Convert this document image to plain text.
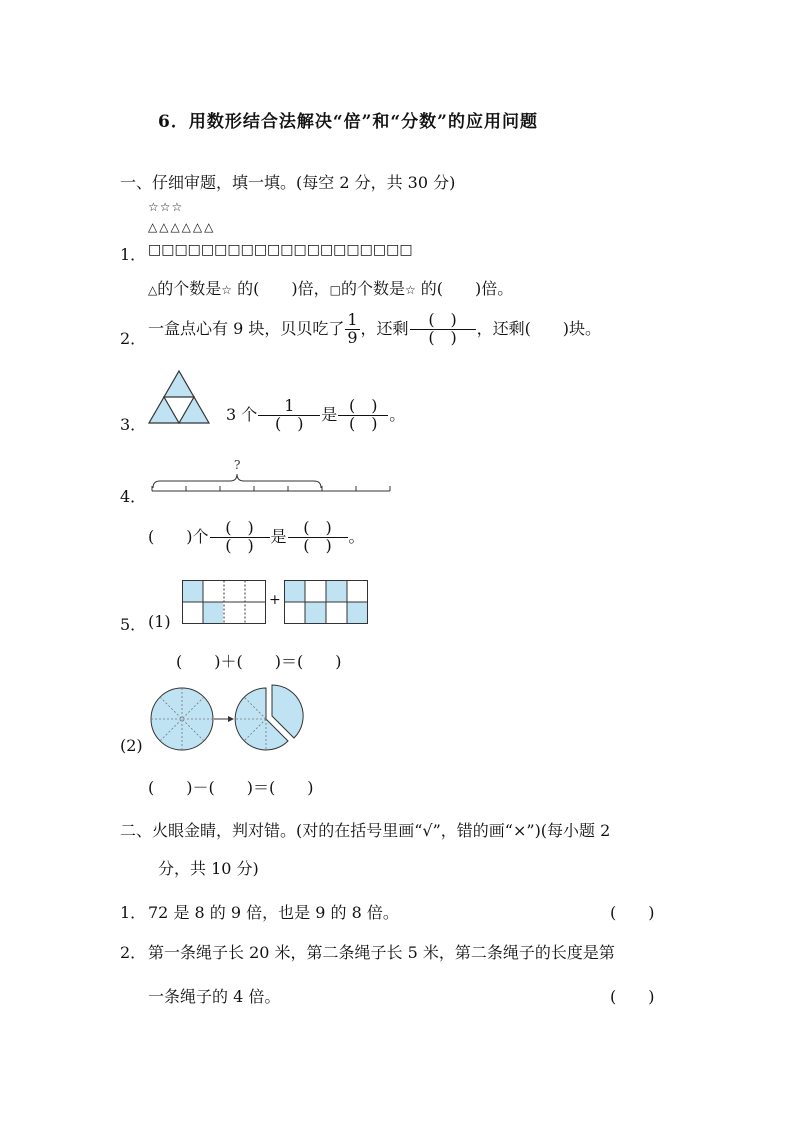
6．用数形结合法解决“倍”和“分数”的应用问题
一、仔细审题，填一填。(每空 2 分，共 30 分)
☆☆☆
△△△△△△
1． □□□□□□□□□□□□□□□□□□□□
△的个数是☆ 的(　　)倍，□的个数是☆ 的(　　)倍。
2．
一盒点心有 9 块，贝贝吃了 $\frac{1}{9}$ ，还剩 $\frac{( )}{( )}$ ，还剩(　　)块。
3．
3 个 $\frac{1}{( )}$ 是 $\frac{( )}{( )}$ 。
4．
?
(　　)个 $\frac{( )}{( )}$ 是 $\frac{( )}{( )}$ 。
5． (1)
+
(　　)＋(　　)＝(　　)
(2)
(　　)－(　　)＝(　　)
二、火眼金睛，判对错。(对的在括号里画“√”，错的画“×”)(每小题 2
分，共 10 分)
1． 72 是 8 的 9 倍，也是 9 的 8 倍。	(　　)
2． 第一条绳子长 20 米，第二条绳子长 5 米，第二条绳子的长度是第
一条绳子的 4 倍。	(　　)
